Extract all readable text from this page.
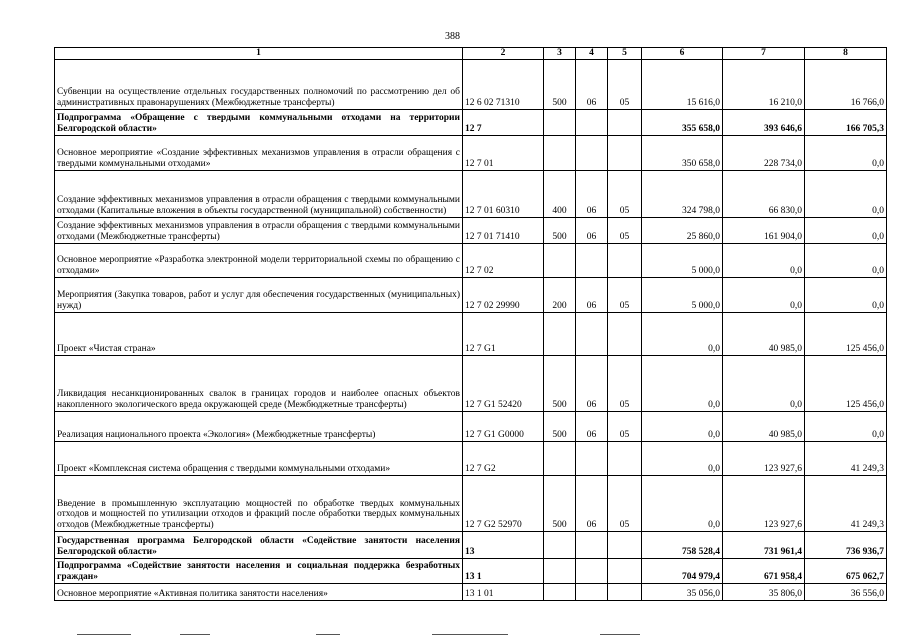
388
1	2	3	4	5	6	7	8
Субвенции на осуществление отдельных государственных полномочий по рассмотрению дел об административных правонарушениях (Межбюджетные трансферты)	12 6 02 71310	500	06	05	15 616,0	16 210,0	16 766,0
Подпрограмма «Обращение с твердыми коммунальными отходами на территории Белгородской области»	12 7				355 658,0	393 646,6	166 705,3
Основное мероприятие «Создание эффективных механизмов управления в отрасли обращения с твердыми коммунальными отходами»	12 7 01				350 658,0	228 734,0	0,0
Создание эффективных механизмов управления в отрасли обращения с твердыми коммунальными отходами (Капитальные вложения в объекты государственной (муниципальной) собственности)	12 7 01 60310	400	06	05	324 798,0	66 830,0	0,0
Создание эффективных механизмов управления в отрасли обращения с твердыми коммунальными отходами (Межбюджетные трансферты)	12 7 01 71410	500	06	05	25 860,0	161 904,0	0,0
Основное мероприятие «Разработка электронной модели территориальной схемы по обращению с отходами»	12 7 02				5 000,0	0,0	0,0
Мероприятия (Закупка товаров, работ и услуг для обеспечения государственных (муниципальных) нужд)	12 7 02 29990	200	06	05	5 000,0	0,0	0,0
Проект «Чистая страна»	12 7 G1				0,0	40 985,0	125 456,0
Ликвидация несанкционированных свалок в границах городов и наиболее опасных объектов накопленного экологического вреда окружающей среде (Межбюджетные трансферты)	12 7 G1 52420	500	06	05	0,0	0,0	125 456,0
Реализация национального проекта «Экология» (Межбюджетные трансферты)	12 7 G1 G0000	500	06	05	0,0	40 985,0	0,0
Проект «Комплексная система обращения с твердыми коммунальными отходами»	12 7 G2				0,0	123 927,6	41 249,3
Введение в промышленную эксплуатацию мощностей по обработке твердых коммунальных отходов и мощностей по утилизации отходов и фракций после обработки твердых коммунальных отходов (Межбюджетные трансферты)	12 7 G2 52970	500	06	05	0,0	123 927,6	41 249,3
Государственная программа Белгородской области «Содействие занятости населения Белгородской области»	13				758 528,4	731 961,4	736 936,7
Подпрограмма «Содействие занятости населения и социальная поддержка безработных граждан»	13 1				704 979,4	671 958,4	675 062,7
Основное мероприятие «Активная политика занятости населения»	13 1 01				35 056,0	35 806,0	36 556,0
